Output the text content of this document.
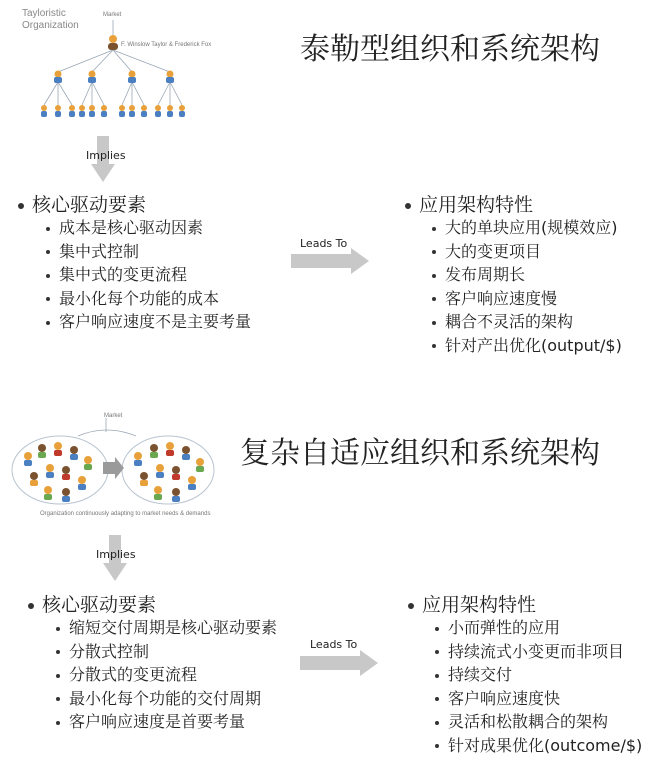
Tayloristic
Organization
Market
F. Winslow Taylor & Frederick Fox	泰勒型组织和系统架构
Implies
核心驱动要素
成本是核心驱动因素
集中式控制
集中式的变更流程
最小化每个功能的成本
客户响应速度不是主要考量
Leads To
应用架构特性
大的单块应用(规模效应)
大的变更项目
发布周期长
客户响应速度慢
耦合不灵活的架构
针对产出优化(output/$)
Market
Organization continuously adapting to market needs & demands
复杂自适应组织和系统架构
Implies
核心驱动要素
缩短交付周期是核心驱动要素
分散式控制
分散式的变更流程
最小化每个功能的交付周期
客户响应速度是首要考量
Leads To
应用架构特性
小而弹性的应用
持续流式小变更而非项目
持续交付
客户响应速度快
灵活和松散耦合的架构
针对成果优化(outcome/$)
